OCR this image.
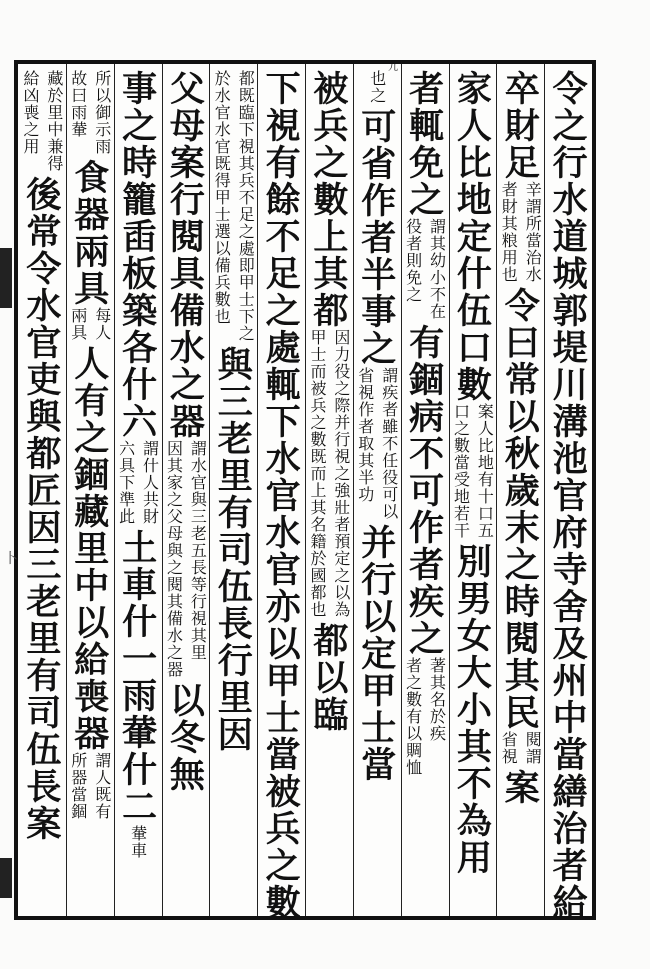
卜
九
令之行水道城郭堤川溝池官府寺舍及州中當繕治者給
卒財足
辛謂所當治水
者財其粮用也
令曰常以秋歲末之時閱其民
閱謂
省視
案
家人比地定什伍口數
案人比地有十口五
口之數當受地若干
別男女大小其不為用
者輒免之
謂其幼小不在
役者則免之
有錮病不可作者疾之
著其名於疾
者之數有以賙恤
也之
可省作者半事之
謂疾者雖不任役可以
省視作者取其半功
并行以定甲士當
被兵之數上其都
因力役之際并行視之強壯者預定之以為
甲士而被兵之數既而上其名籍於國都也
都以臨
下視有餘不足之處輒下水官水官亦以甲士當被兵之數
都既臨下視其兵不足之處即甲士下之
於水官水官既得甲士選以備兵數也
與三老里有司伍長行里因
父母案行閱具備水之器
謂水官與三老五長等行視其里
因其家之父母與之閱其備水之器
以冬無
事之時籠臿板築各什六
謂什人共財
六具下準此
土車什一雨輂什二
輂車
所以御示雨
故曰雨輂
食器兩具
每人
兩具
人有之錮藏里中以給喪器
謂人既有
所器當錮
藏於里中兼得
給凶喪之用
後常令水官吏與都匠因三老里有司伍長案
